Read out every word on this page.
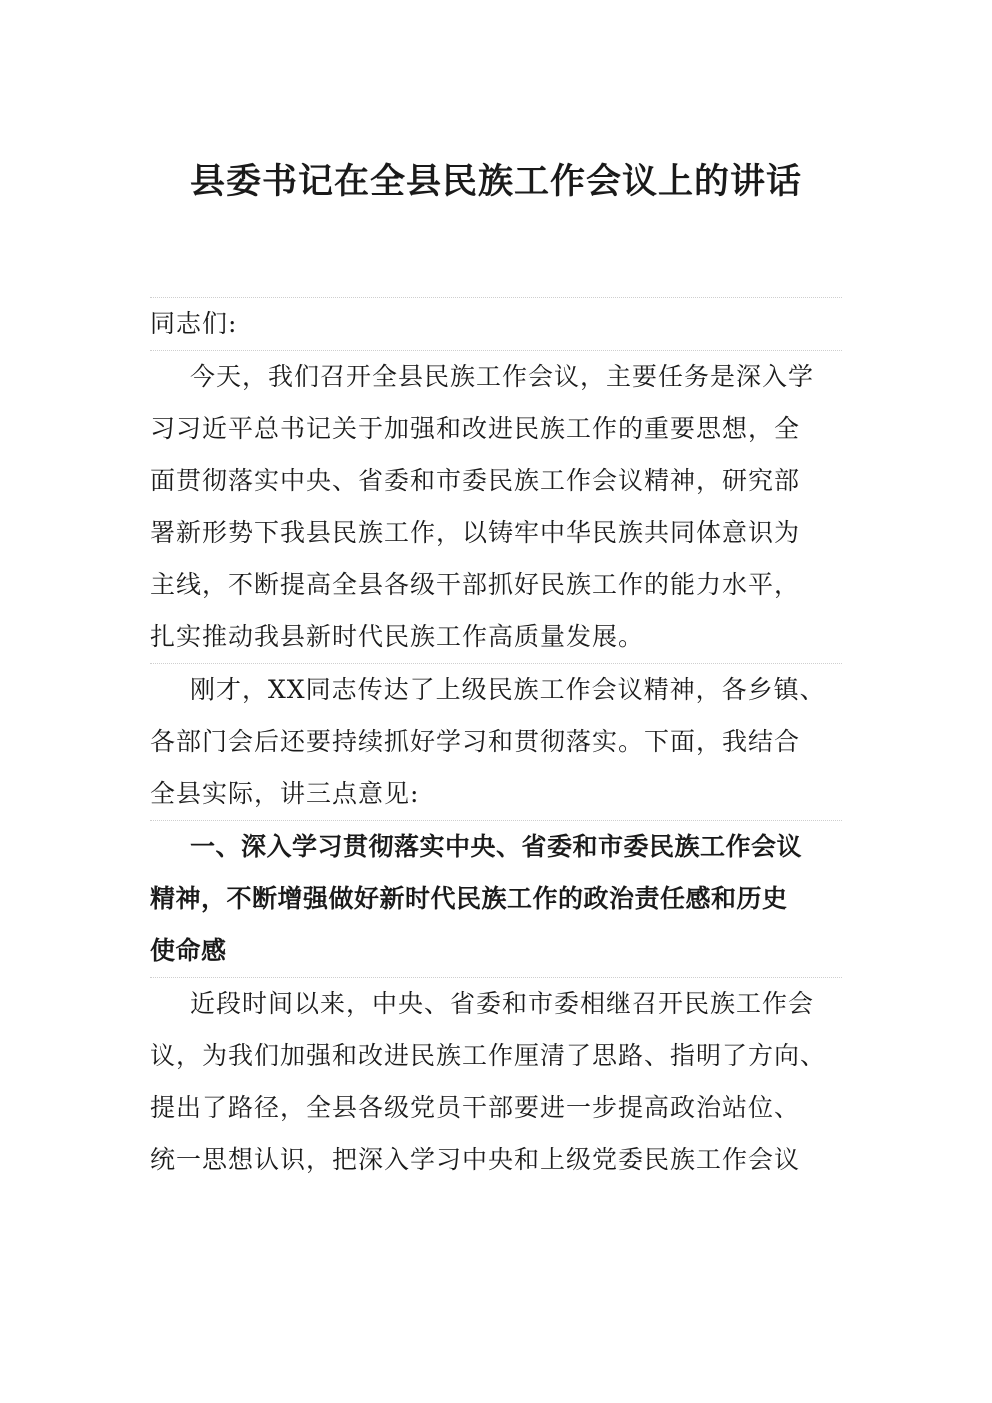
县委书记在全县民族工作会议上的讲话
同志们:
今天，我们召开全县民族工作会议，主要任务是深入学
习习近平总书记关于加强和改进民族工作的重要思想，全
面贯彻落实中央、省委和市委民族工作会议精神，研究部
署新形势下我县民族工作，以铸牢中华民族共同体意识为
主线，不断提高全县各级干部抓好民族工作的能力水平，
扎实推动我县新时代民族工作高质量发展。
刚才，XX同志传达了上级民族工作会议精神，各乡镇、
各部门会后还要持续抓好学习和贯彻落实。下面，我结合
全县实际，讲三点意见:
一、深入学习贯彻落实中央、省委和市委民族工作会议
精神，不断增强做好新时代民族工作的政治责任感和历史
使命感
近段时间以来，中央、省委和市委相继召开民族工作会
议，为我们加强和改进民族工作厘清了思路、指明了方向、
提出了路径，全县各级党员干部要进一步提高政治站位、
统一思想认识，把深入学习中央和上级党委民族工作会议
